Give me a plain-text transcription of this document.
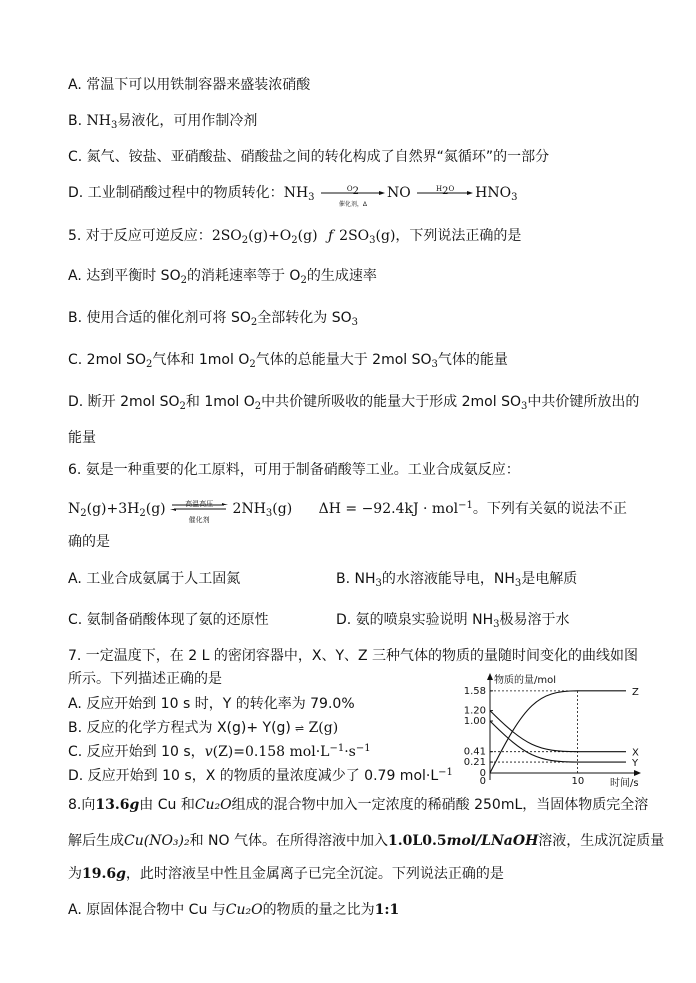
A. 常温下可以用铁制容器来盛装浓硝酸
B. $NH_3$易液化，可用作制冷剂
C. 氮气、铵盐、亚硝酸盐、硝酸盐之间的转化构成了自然界“氮循环”的一部分
D. 工业制硝酸过程中的物质转化：$NH_3$
$O_2$
催化剂，Δ
NO	$H_2O$	$HNO_3$
5. 对于反应可逆反应：$2SO_2(g)+O_2(g)$ ƒ $2SO_3(g)$，下列说法正确的是
A. 达到平衡时 $SO_2$的消耗速率等于 $O_2$的生成速率
B. 使用合适的催化剂可将 $SO_2$全部转化为 $SO_3$
C. 2mol $SO_2$气体和 1mol $O_2$气体的总能量大于 2mol $SO_3$气体的能量
D. 断开 2mol $SO_2$和 1mol $O_2$中共价键所吸收的能量大于形成 2mol $SO_3$中共价键所放出的
能量
6. 氨是一种重要的化工原料，可用于制备硝酸等工业。工业合成氨反应：
$N_2(g)+3H_2(g)$	高温高压
催化剂
$2NH_3(g) \Delta H = -92.4kJ \cdot mol^{-1}$。下列有关氨的说法不正
确的是
A. 工业合成氨属于人工固氮	B. $NH_3$的水溶液能导电，$NH_3$是电解质
C. 氨制备硝酸体现了氨的还原性	D. 氨的喷泉实验说明 $NH_3$极易溶于水
7. 一定温度下，在 2 L 的密闭容器中，X、Y、Z 三种气体的物质的量随时间变化的曲线如图
所示。下列描述正确的是
A. 反应开始到 10 s 时，Y 的转化率为 79.0%
B. 反应的化学方程式为 X(g)+ Y(g) ⇌ Z(g)
C. 反应开始到 10 s，v(Z)=0.158 $mol\cdot L^{-1}\cdot s^{-1}$
D. 反应开始到 10 s，X 的物质的量浓度减少了 0.79 $mol\cdot L^{-1}$
物质的量/mol
时间/s
1.58
1.20
1.00
0.41
0.21
0
0	10
Z
X
Y
8.向13.6g由 Cu 和Cu₂O组成的混合物中加入一定浓度的稀硝酸 250mL，当固体物质完全溶
解后生成Cu(NO₃)₂和 NO 气体。在所得溶液中加入1.0L0.5mol/LNaOH溶液，生成沉淀质量
为19.6g，此时溶液呈中性且金属离子已完全沉淀。下列说法正确的是
A. 原固体混合物中 Cu 与Cu₂O的物质的量之比为1:1
